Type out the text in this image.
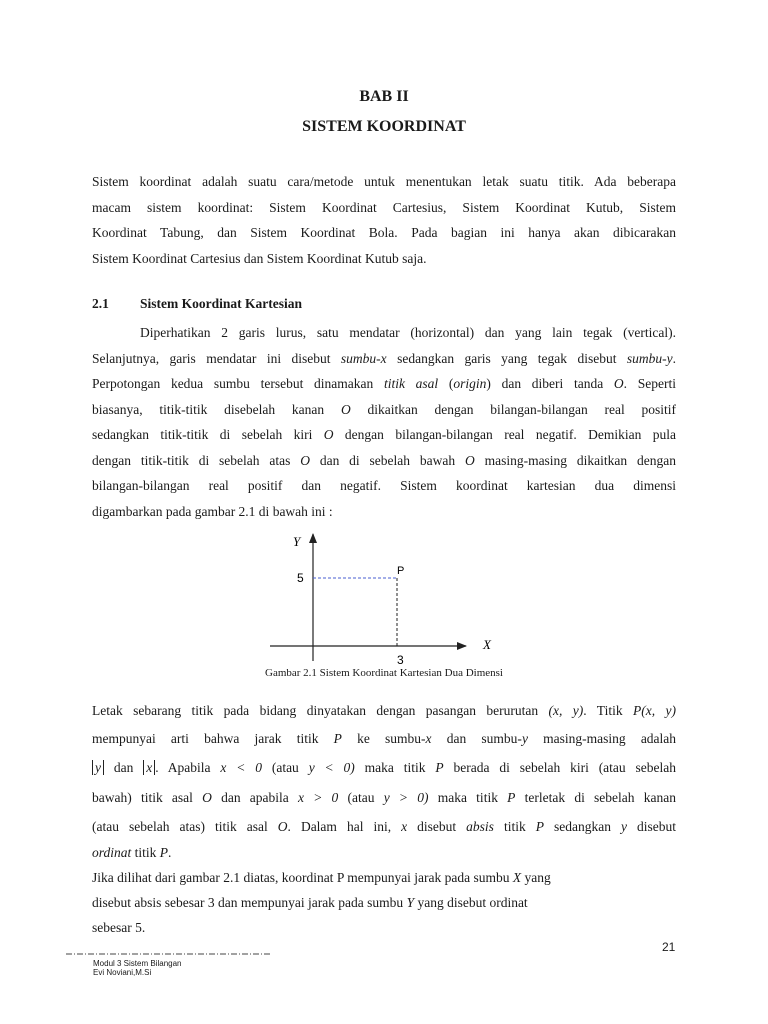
BAB II
SISTEM KOORDINAT
Sistem koordinat adalah suatu cara/metode untuk menentukan letak suatu titik. Ada beberapa
macam sistem koordinat: Sistem Koordinat Cartesius, Sistem Koordinat Kutub, Sistem
Koordinat Tabung, dan Sistem Koordinat Bola. Pada bagian ini hanya akan dibicarakan
Sistem Koordinat Cartesius dan Sistem Koordinat Kutub saja.
2.1 Sistem Koordinat Kartesian
Diperhatikan 2 garis lurus, satu mendatar (horizontal) dan yang lain tegak (vertical).
Selanjutnya, garis mendatar ini disebut sumbu-x sedangkan garis yang tegak disebut sumbu-y.
Perpotongan kedua sumbu tersebut dinamakan titik asal (origin) dan diberi tanda O. Seperti
biasanya, titik-titik disebelah kanan O dikaitkan dengan bilangan-bilangan real positif
sedangkan titik-titik di sebelah kiri O dengan bilangan-bilangan real negatif. Demikian pula
dengan titik-titik di sebelah atas O dan di sebelah bawah O masing-masing dikaitkan dengan
bilangan-bilangan real positif dan negatif. Sistem koordinat kartesian dua dimensi
digambarkan pada gambar 2.1 di bawah ini :
Y
X
5	P
3
Gambar 2.1 Sistem Koordinat Kartesian Dua Dimensi
Letak sebarang titik pada bidang dinyatakan dengan pasangan berurutan (x, y). Titik P(x, y)
mempunyai arti bahwa jarak titik P ke sumbu-x dan sumbu-y masing-masing adalah
y dan x . Apabila x < 0 (atau y < 0) maka titik P berada di sebelah kiri (atau sebelah
bawah) titik asal O dan apabila x > 0 (atau y > 0) maka titik P terletak di sebelah kanan
(atau sebelah atas) titik asal O. Dalam hal ini, x disebut absis titik P sedangkan y disebut
ordinat titik P.
Jika dilihat dari gambar 2.1 diatas, koordinat P mempunyai jarak pada sumbu X yang
disebut absis sebesar 3 dan mempunyai jarak pada sumbu Y yang disebut ordinat
sebesar 5.
21
Modul 3 Sistem Bilangan
Evi Noviani,M.Si
